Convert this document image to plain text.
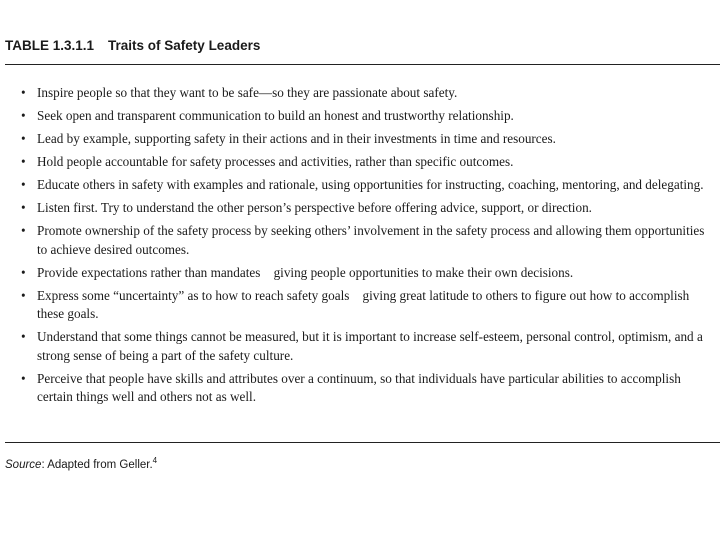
TABLE 1.3.1.1 Traits of Safety Leaders
• Inspire people so that they want to be safe—so they are passionate about safety.
• Seek open and transparent communication to build an honest and trustworthy relationship.
• Lead by example, supporting safety in their actions and in their investments in time and resources.
• Hold people accountable for safety processes and activities, rather than specific outcomes.
• Educate others in safety with examples and rationale, using opportunities for instructing, coaching, mentoring, and delegating.
• Listen first. Try to understand the other person’s perspective before offering advice, support, or direction.
• Promote ownership of the safety process by seeking others’ involvement in the safety process and allowing them opportunities to achieve desired outcomes.
• Provide expectations rather than mandates giving people opportunities to make their own decisions.
• Express some “uncertainty” as to how to reach safety goals giving great latitude to others to figure out how to accomplish these goals.
• Understand that some things cannot be measured, but it is important to increase self-esteem, personal control, optimism, and a strong sense of being a part of the safety culture.
• Perceive that people have skills and attributes over a continuum, so that individuals have particular abilities to accomplish certain things well and others not as well.
Source: Adapted from Geller.$^4$
